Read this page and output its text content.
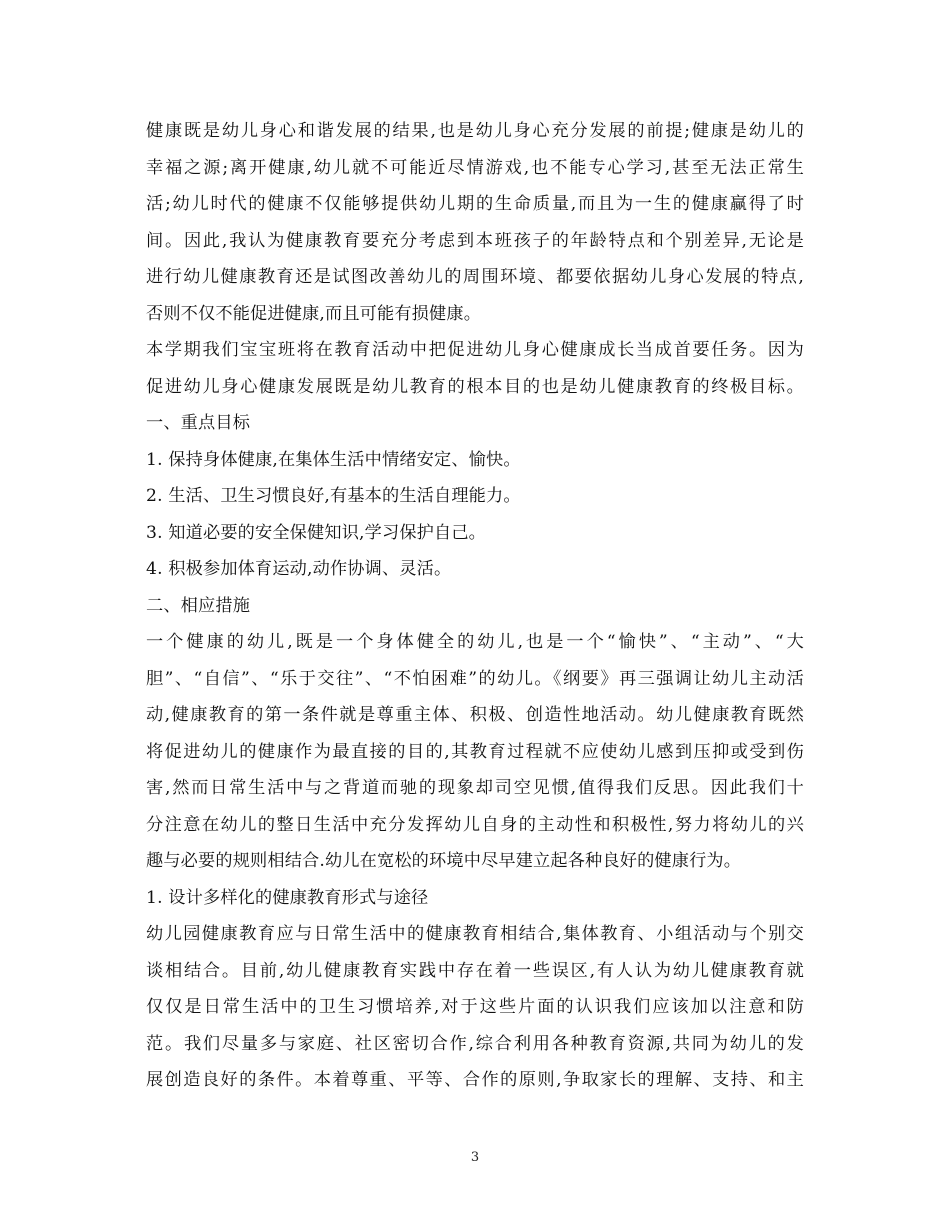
健康既是幼儿身心和谐发展的结果,也是幼儿身心充分发展的前提;健康是幼儿的
幸福之源;离开健康,幼儿就不可能近尽情游戏,也不能专心学习,甚至无法正常生
活;幼儿时代的健康不仅能够提供幼儿期的生命质量,而且为一生的健康赢得了时
间。因此,我认为健康教育要充分考虑到本班孩子的年龄特点和个别差异,无论是
进行幼儿健康教育还是试图改善幼儿的周围环境、都要依据幼儿身心发展的特点,
否则不仅不能促进健康,而且可能有损健康。
本学期我们宝宝班将在教育活动中把促进幼儿身心健康成长当成首要任务。因为
促进幼儿身心健康发展既是幼儿教育的根本目的也是幼儿健康教育的终极目标。
一、重点目标
1. 保持身体健康,在集体生活中情绪安定、愉快。
2. 生活、卫生习惯良好,有基本的生活自理能力。
3. 知道必要的安全保健知识,学习保护自己。
4. 积极参加体育运动,动作协调、灵活。
二、相应措施
一个健康的幼儿,既是一个身体健全的幼儿,也是一个“愉快”、“主动”、“大
胆”、“自信”、“乐于交往”、“不怕困难”的幼儿。《纲要》再三强调让幼儿主动活
动,健康教育的第一条件就是尊重主体、积极、创造性地活动。幼儿健康教育既然
将促进幼儿的健康作为最直接的目的,其教育过程就不应使幼儿感到压抑或受到伤
害,然而日常生活中与之背道而驰的现象却司空见惯,值得我们反思。因此我们十
分注意在幼儿的整日生活中充分发挥幼儿自身的主动性和积极性,努力将幼儿的兴
趣与必要的规则相结合.幼儿在宽松的环境中尽早建立起各种良好的健康行为。
1. 设计多样化的健康教育形式与途径
幼儿园健康教育应与日常生活中的健康教育相结合,集体教育、小组活动与个别交
谈相结合。目前,幼儿健康教育实践中存在着一些误区,有人认为幼儿健康教育就
仅仅是日常生活中的卫生习惯培养,对于这些片面的认识我们应该加以注意和防
范。我们尽量多与家庭、社区密切合作,综合利用各种教育资源,共同为幼儿的发
展创造良好的条件。本着尊重、平等、合作的原则,争取家长的理解、支持、和主
3
